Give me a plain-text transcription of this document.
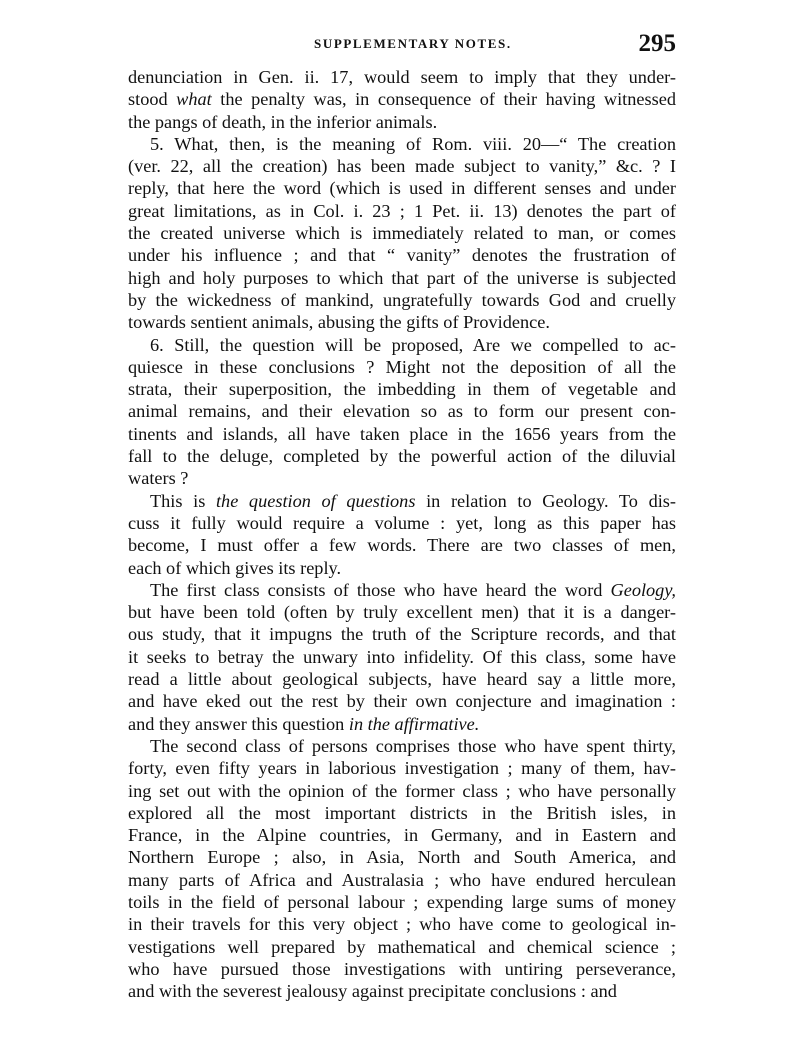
SUPPLEMENTARY NOTES.	295
denunciation in Gen. ii. 17, would seem to imply that they under-
stood what the penalty was, in consequence of their having witnessed
the pangs of death, in the inferior animals.
5. What, then, is the meaning of Rom. viii. 20—“ The creation
(ver. 22, all the creation) has been made subject to vanity,” &c. ? I
reply, that here the word (which is used in different senses and under
great limitations, as in Col. i. 23 ; 1 Pet. ii. 13) denotes the part of
the created universe which is immediately related to man, or comes
under his influence ; and that “ vanity” denotes the frustration of
high and holy purposes to which that part of the universe is subjected
by the wickedness of mankind, ungratefully towards God and cruelly
towards sentient animals, abusing the gifts of Providence.
6. Still, the question will be proposed, Are we compelled to ac-
quiesce in these conclusions ? Might not the deposition of all the
strata, their superposition, the imbedding in them of vegetable and
animal remains, and their elevation so as to form our present con-
tinents and islands, all have taken place in the 1656 years from the
fall to the deluge, completed by the powerful action of the diluvial
waters ?
This is the question of questions in relation to Geology. To dis-
cuss it fully would require a volume : yet, long as this paper has
become, I must offer a few words. There are two classes of men,
each of which gives its reply.
The first class consists of those who have heard the word Geology,
but have been told (often by truly excellent men) that it is a danger-
ous study, that it impugns the truth of the Scripture records, and that
it seeks to betray the unwary into infidelity. Of this class, some have
read a little about geological subjects, have heard say a little more,
and have eked out the rest by their own conjecture and imagination :
and they answer this question in the affirmative.
The second class of persons comprises those who have spent thirty,
forty, even fifty years in laborious investigation ; many of them, hav-
ing set out with the opinion of the former class ; who have personally
explored all the most important districts in the British isles, in
France, in the Alpine countries, in Germany, and in Eastern and
Northern Europe ; also, in Asia, North and South America, and
many parts of Africa and Australasia ; who have endured herculean
toils in the field of personal labour ; expending large sums of money
in their travels for this very object ; who have come to geological in-
vestigations well prepared by mathematical and chemical science ;
who have pursued those investigations with untiring perseverance,
and with the severest jealousy against precipitate conclusions : and
